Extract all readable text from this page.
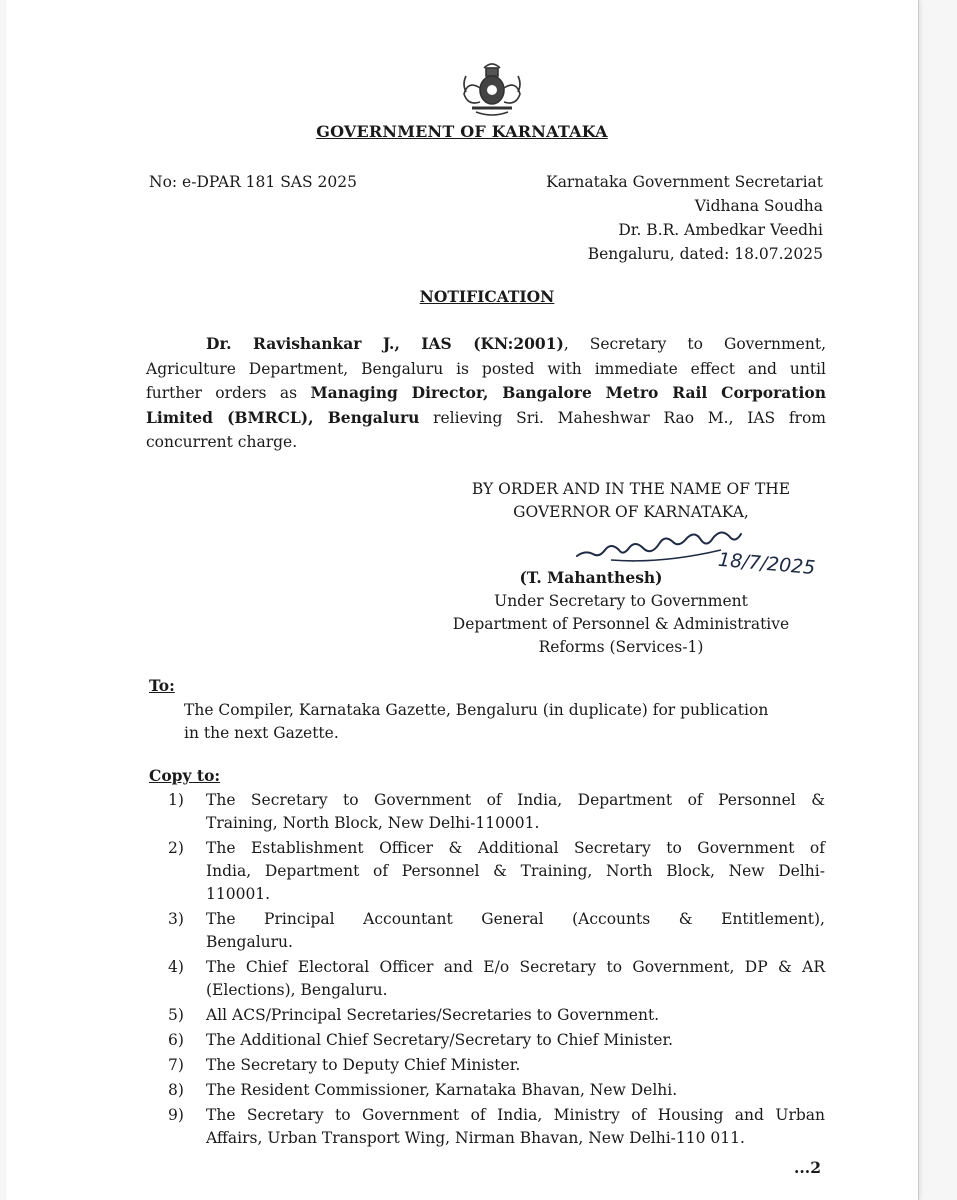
GOVERNMENT OF KARNATAKA
No: e-DPAR 181 SAS 2025	Karnataka Government Secretariat
Vidhana Soudha
Dr. B.R. Ambedkar Veedhi
Bengaluru, dated: 18.07.2025
NOTIFICATION
Dr. Ravishankar J., IAS (KN:2001), Secretary to Government,
Agriculture Department, Bengaluru is posted with immediate effect and until
further orders as Managing Director, Bangalore Metro Rail Corporation
Limited (BMRCL), Bengaluru relieving Sri. Maheshwar Rao M., IAS from
concurrent charge.
BY ORDER AND IN THE NAME OF THE
GOVERNOR OF KARNATAKA,
18/7/2025
(T. Mahanthesh)
Under Secretary to Government
Department of Personnel & Administrative
Reforms (Services-1)
To:
The Compiler, Karnataka Gazette, Bengaluru (in duplicate) for publication
in the next Gazette.
Copy to:
1) The Secretary to Government of India, Department of Personnel &
Training, North Block, New Delhi-110001.
2) The Establishment Officer & Additional Secretary to Government of
India, Department of Personnel & Training, North Block, New Delhi-
110001.
3) The Principal Accountant General (Accounts & Entitlement),
Bengaluru.
4) The Chief Electoral Officer and E/o Secretary to Government, DP & AR
(Elections), Bengaluru.
5) All ACS/Principal Secretaries/Secretaries to Government.
6) The Additional Chief Secretary/Secretary to Chief Minister.
7) The Secretary to Deputy Chief Minister.
8) The Resident Commissioner, Karnataka Bhavan, New Delhi.
9) The Secretary to Government of India, Ministry of Housing and Urban
Affairs, Urban Transport Wing, Nirman Bhavan, New Delhi-110 011.
...2
